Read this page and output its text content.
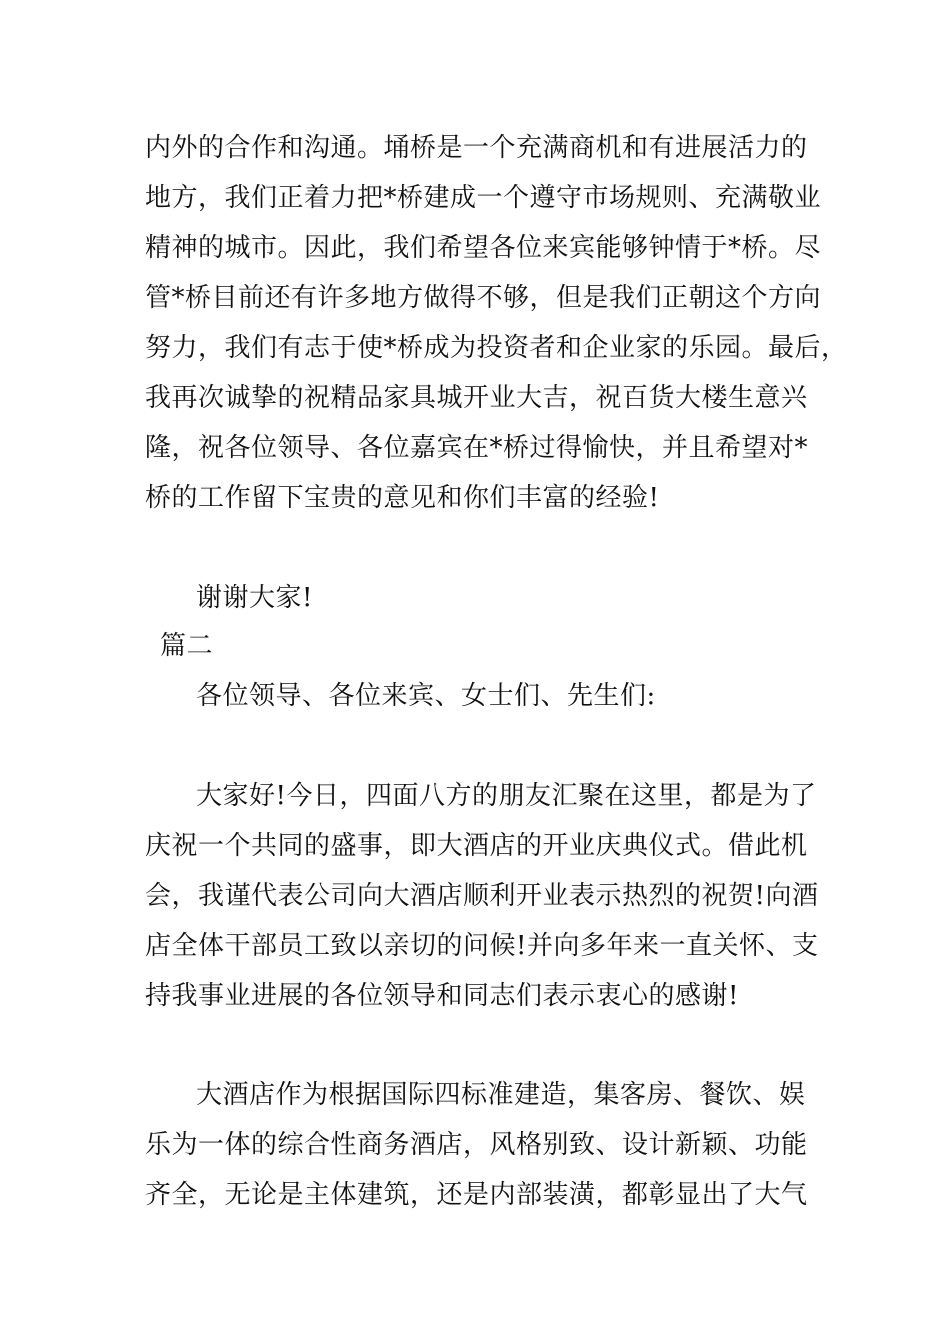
内外的合作和沟通。埇桥是一个充满商机和有进展活力的
地方，我们正着力把*桥建成一个遵守市场规则、充满敬业
精神的城市。因此，我们希望各位来宾能够钟情于*桥。尽
管*桥目前还有许多地方做得不够，但是我们正朝这个方向
努力，我们有志于使*桥成为投资者和企业家的乐园。最后，
我再次诚挚的祝精品家具城开业大吉，祝百货大楼生意兴
隆，祝各位领导、各位嘉宾在*桥过得愉快，并且希望对*
桥的工作留下宝贵的意见和你们丰富的经验!
谢谢大家!
篇二
各位领导、各位来宾、女士们、先生们:
大家好!今日，四面八方的朋友汇聚在这里，都是为了
庆祝一个共同的盛事，即大酒店的开业庆典仪式。借此机
会，我谨代表公司向大酒店顺利开业表示热烈的祝贺!向酒
店全体干部员工致以亲切的问候!并向多年来一直关怀、支
持我事业进展的各位领导和同志们表示衷心的感谢!
大酒店作为根据国际四标准建造，集客房、餐饮、娱
乐为一体的综合性商务酒店，风格别致、设计新颖、功能
齐全，无论是主体建筑，还是内部装潢，都彰显出了大气
